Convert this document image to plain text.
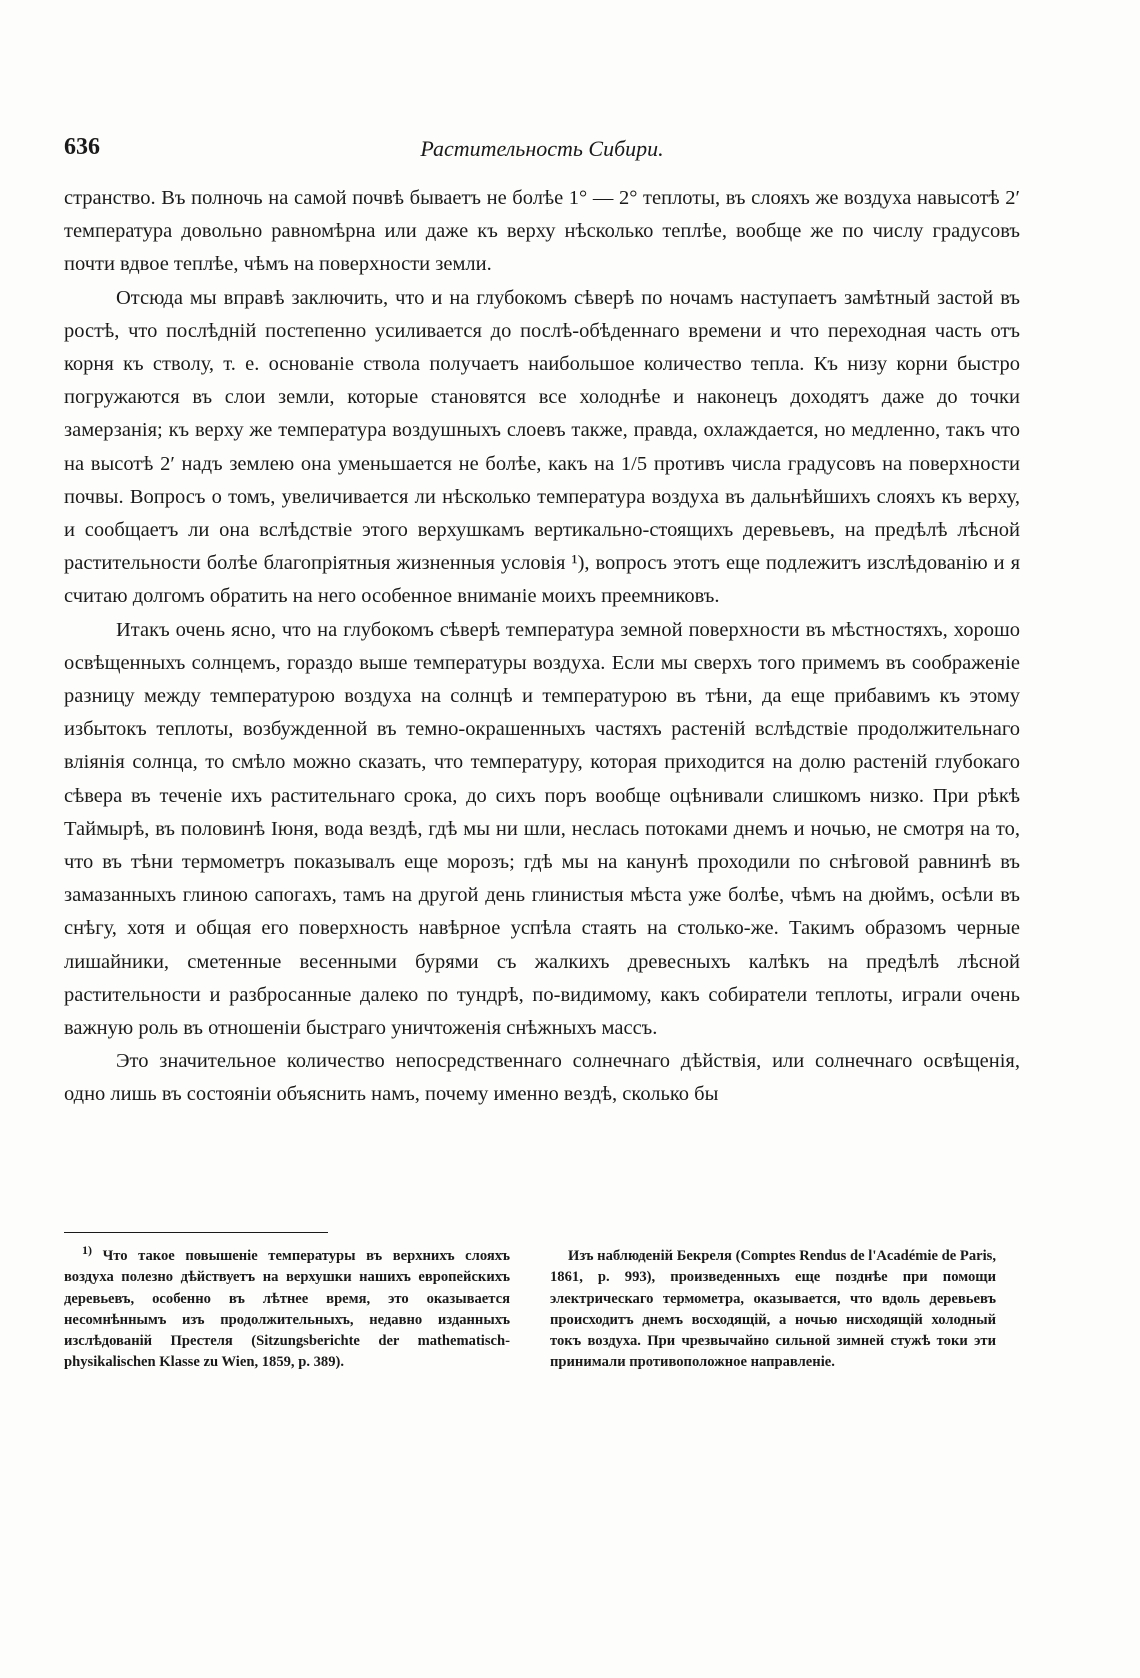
636	Растительность Сибири.

странство. Въ полночь на самой почвѣ бываетъ не болѣе 1° — 2° теплоты, въ слояхъ же воздуха навысотѣ 2′ температура довольно равномѣрна или даже къ верху нѣсколько теплѣе, вообще же по числу градусовъ почти вдвое теплѣе, чѣмъ на поверхности земли.

Отсюда мы вправѣ заключить, что и на глубокомъ сѣверѣ по ночамъ наступаетъ замѣтный застой въ ростѣ, что послѣднiй постепенно усиливается до послѣ-обѣденнаго времени и что переходная часть отъ корня къ стволу, т. е. основанiе ствола получаетъ наибольшое количество тепла. Къ низу корни быстро погружаются въ слои земли, которые становятся все холоднѣе и наконецъ доходятъ даже до точки замерзанiя; къ верху же температура воздушныхъ слоевъ также, правда, охлаждается, но медленно, такъ что на высотѣ 2′ надъ землею она уменьшается не болѣе, какъ на 1/5 противъ числа градусовъ на поверхности почвы. Вопросъ о томъ, увеличивается ли нѣсколько температура воздуха въ дальнѣйшихъ слояхъ къ верху, и сообщаетъ ли она вслѣдствiе этого верхушкамъ вертикально-стоящихъ деревьевъ, на предѣлѣ лѣсной растительности болѣе благопрiятныя жизненныя условiя ¹), вопросъ этотъ еще подлежитъ изслѣдованiю и я считаю долгомъ обратить на него особенное вниманiе моихъ преемниковъ.

Итакъ очень ясно, что на глубокомъ сѣверѣ температура земной поверхности въ мѣстностяхъ, хорошо освѣщенныхъ солнцемъ, гораздо выше температуры воздуха. Если мы сверхъ того примемъ въ соображенiе разницу между температурою воздуха на солнцѣ и температурою въ тѣни, да еще прибавимъ къ этому избытокъ теплоты, возбужденной въ темно-окрашенныхъ частяхъ растенiй вслѣдствiе продолжительнаго влiянiя солнца, то смѣло можно сказать, что температуру, которая приходится на долю растенiй глубокаго сѣвера въ теченiе ихъ растительнаго срока, до сихъ поръ вообще оцѣнивали слишкомъ низко. При рѣкѣ Таймырѣ, въ половинѣ Iюня, вода вездѣ, гдѣ мы ни шли, неслась потоками днемъ и ночью, не смотря на то, что въ тѣни термометръ показывалъ еще морозъ; гдѣ мы на канунѣ проходили по снѣговой равнинѣ въ замазанныхъ глиною сапогахъ, тамъ на другой день глинистыя мѣста уже болѣе, чѣмъ на дюймъ, осѣли въ снѣгу, хотя и общая его поверхность навѣрное успѣла стаять на столько-же. Такимъ образомъ черные лишайники, сметенные весенными бурями съ жалкихъ древесныхъ калѣкъ на предѣлѣ лѣсной растительности и разбросанные далеко по тундрѣ, по-видимому, какъ собиратели теплоты, играли очень важную роль въ отношенiи быстраго уничтоженiя снѣжныхъ массъ.

Это значительное количество непосредственнаго солнечнаго дѣйствiя, или солнечнаго освѣщенiя, одно лишь въ состоянiи объяснить намъ, почему именно вездѣ, сколько бы

$^{1)}$ Что такое повышенiе температуры въ верхнихъ слояхъ воздуха полезно дѣйствуетъ на верхушки нашихъ европейскихъ деревьевъ, особенно въ лѣтнее время, это оказывается несомнѣннымъ изъ продолжительныхъ, недавно изданныхъ изслѣдованiй Престеля (Sitzungsberichte der mathematisch-physikalischen Klasse zu Wien, 1859, p. 389).

Изъ наблюденiй Бекреля (Comptes Rendus de l'Académie de Paris, 1861, p. 993), произведенныхъ еще позднѣе при помощи электрическаго термометра, оказывается, что вдоль деревьевъ происходитъ днемъ восходящiй, а ночью нисходящiй холодный токъ воздуха. При чрезвычайно сильной зимней стужѣ токи эти принимали противоположное направленiе.
